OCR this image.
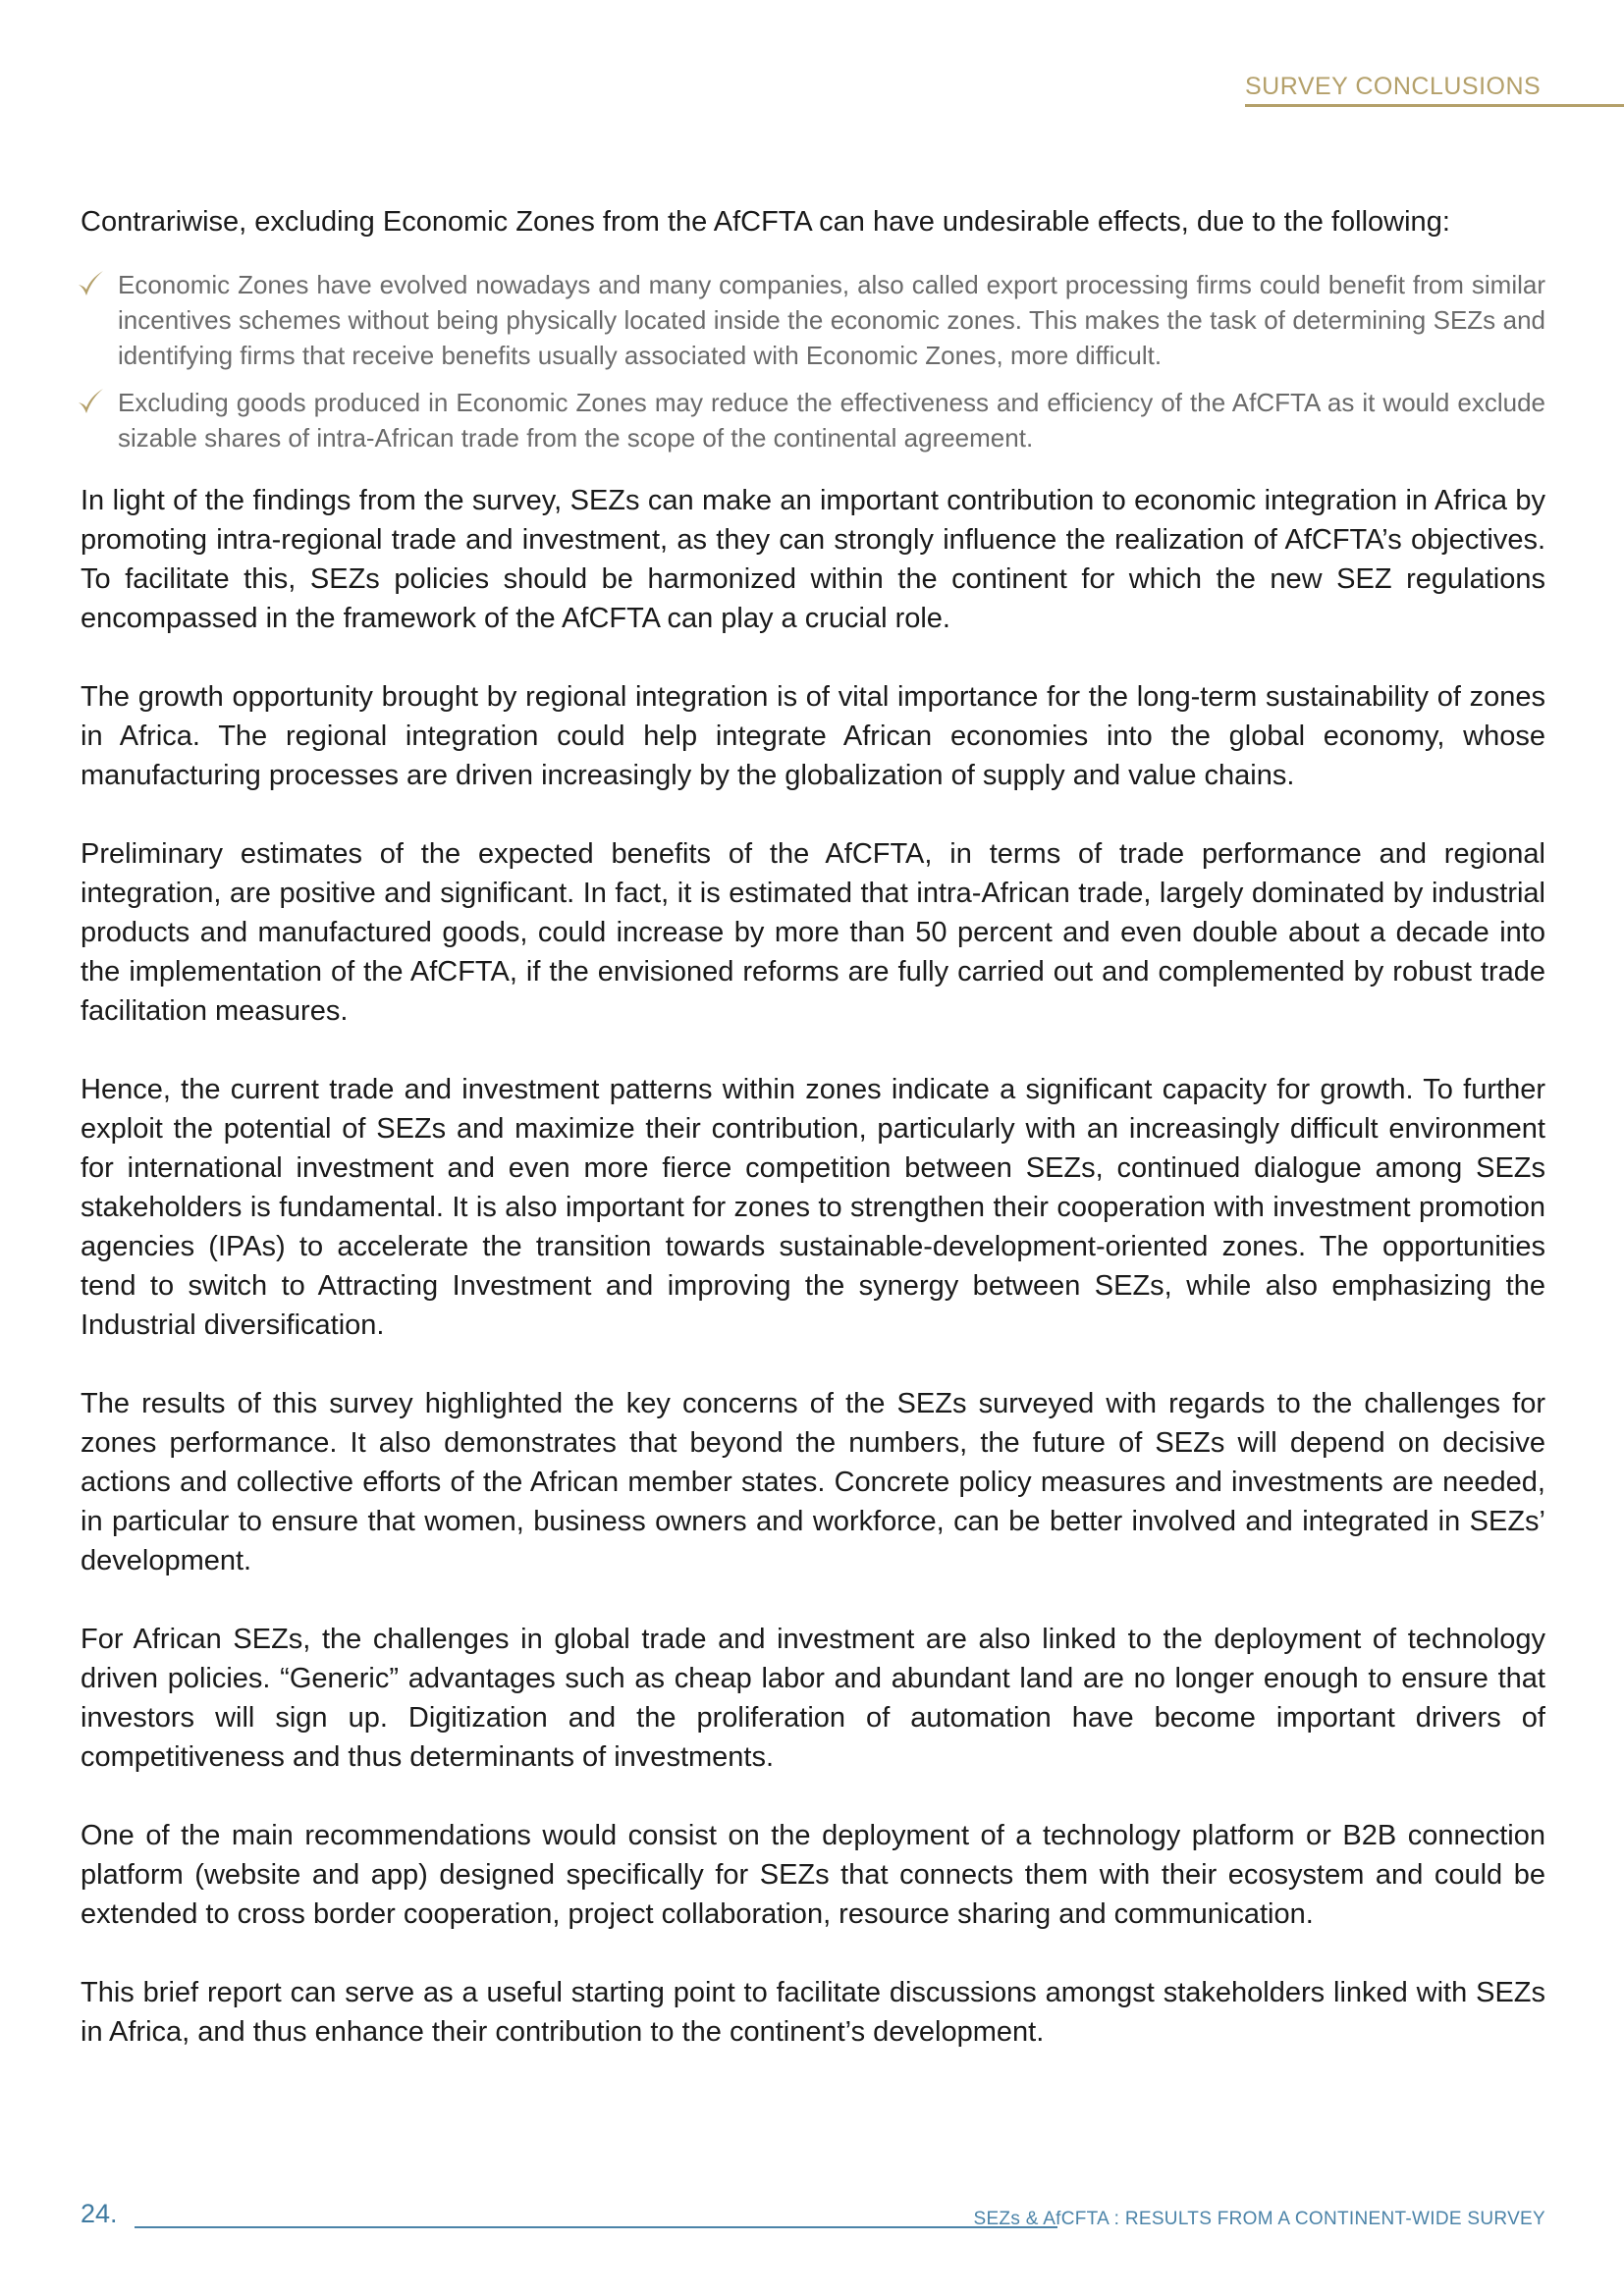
SURVEY CONCLUSIONS

Contrariwise, excluding Economic Zones from the AfCFTA can have undesirable effects, due to the following:

Economic Zones have evolved nowadays and many companies, also called export processing firms could benefit from similar incentives schemes without being physically located inside the economic zones. This makes the task of determining SEZs and identifying firms that receive benefits usually associated with Economic Zones, more difficult.
Excluding goods produced in Economic Zones may reduce the effectiveness and efficiency of the AfCFTA as it would exclude sizable shares of intra-African trade from the scope of the continental agreement.

In light of the findings from the survey, SEZs can make an important contribution to economic integration in Africa by promoting intra-regional trade and investment, as they can strongly influence the realization of AfCFTA’s objectives. To facilitate this, SEZs policies should be harmonized within the continent for which the new SEZ regulations encompassed in the framework of the AfCFTA can play a crucial role.

The growth opportunity brought by regional integration is of vital importance for the long-term sustainability of zones in Africa. The regional integration could help integrate African economies into the global economy, whose manufacturing processes are driven increasingly by the globalization of supply and value chains.

Preliminary estimates of the expected benefits of the AfCFTA, in terms of trade performance and regional integration, are positive and significant. In fact, it is estimated that intra-African trade, largely dominated by industrial products and manufactured goods, could increase by more than 50 percent and even double about a decade into the implementation of the AfCFTA, if the envisioned reforms are fully carried out and complemented by robust trade facilitation measures.

Hence, the current trade and investment patterns within zones indicate a significant capacity for growth. To further exploit the potential of SEZs and maximize their contribution, particularly with an increasingly difficult environment for international investment and even more fierce competition between SEZs, continued dialogue among SEZs stakeholders is fundamental. It is also important for zones to strengthen their cooperation with investment promotion agencies (IPAs) to accelerate the transition towards sustainable-development-oriented zones. The opportunities tend to switch to Attracting Investment and improving the synergy between SEZs, while also emphasizing the Industrial diversification.

The results of this survey highlighted the key concerns of the SEZs surveyed with regards to the challenges for zones performance. It also demonstrates that beyond the numbers, the future of SEZs will depend on decisive actions and collective efforts of the African member states. Concrete policy measures and investments are needed, in particular to ensure that women, business owners and workforce, can be better involved and integrated in SEZs’ development.

For African SEZs, the challenges in global trade and investment are also linked to the deployment of technology driven policies. “Generic” advantages such as cheap labor and abundant land are no longer enough to ensure that investors will sign up. Digitization and the proliferation of automation have become important drivers of competitiveness and thus determinants of investments.

One of the main recommendations would consist on the deployment of a technology platform or B2B connection platform (website and app) designed specifically for SEZs that connects them with their ecosystem and could be extended to cross border cooperation, project collaboration, resource sharing and communication.

This brief report can serve as a useful starting point to facilitate discussions amongst stakeholders linked with SEZs in Africa, and thus enhance their contribution to the continent’s development.

24.	SEZs & AfCFTA : RESULTS FROM A CONTINENT-WIDE SURVEY
